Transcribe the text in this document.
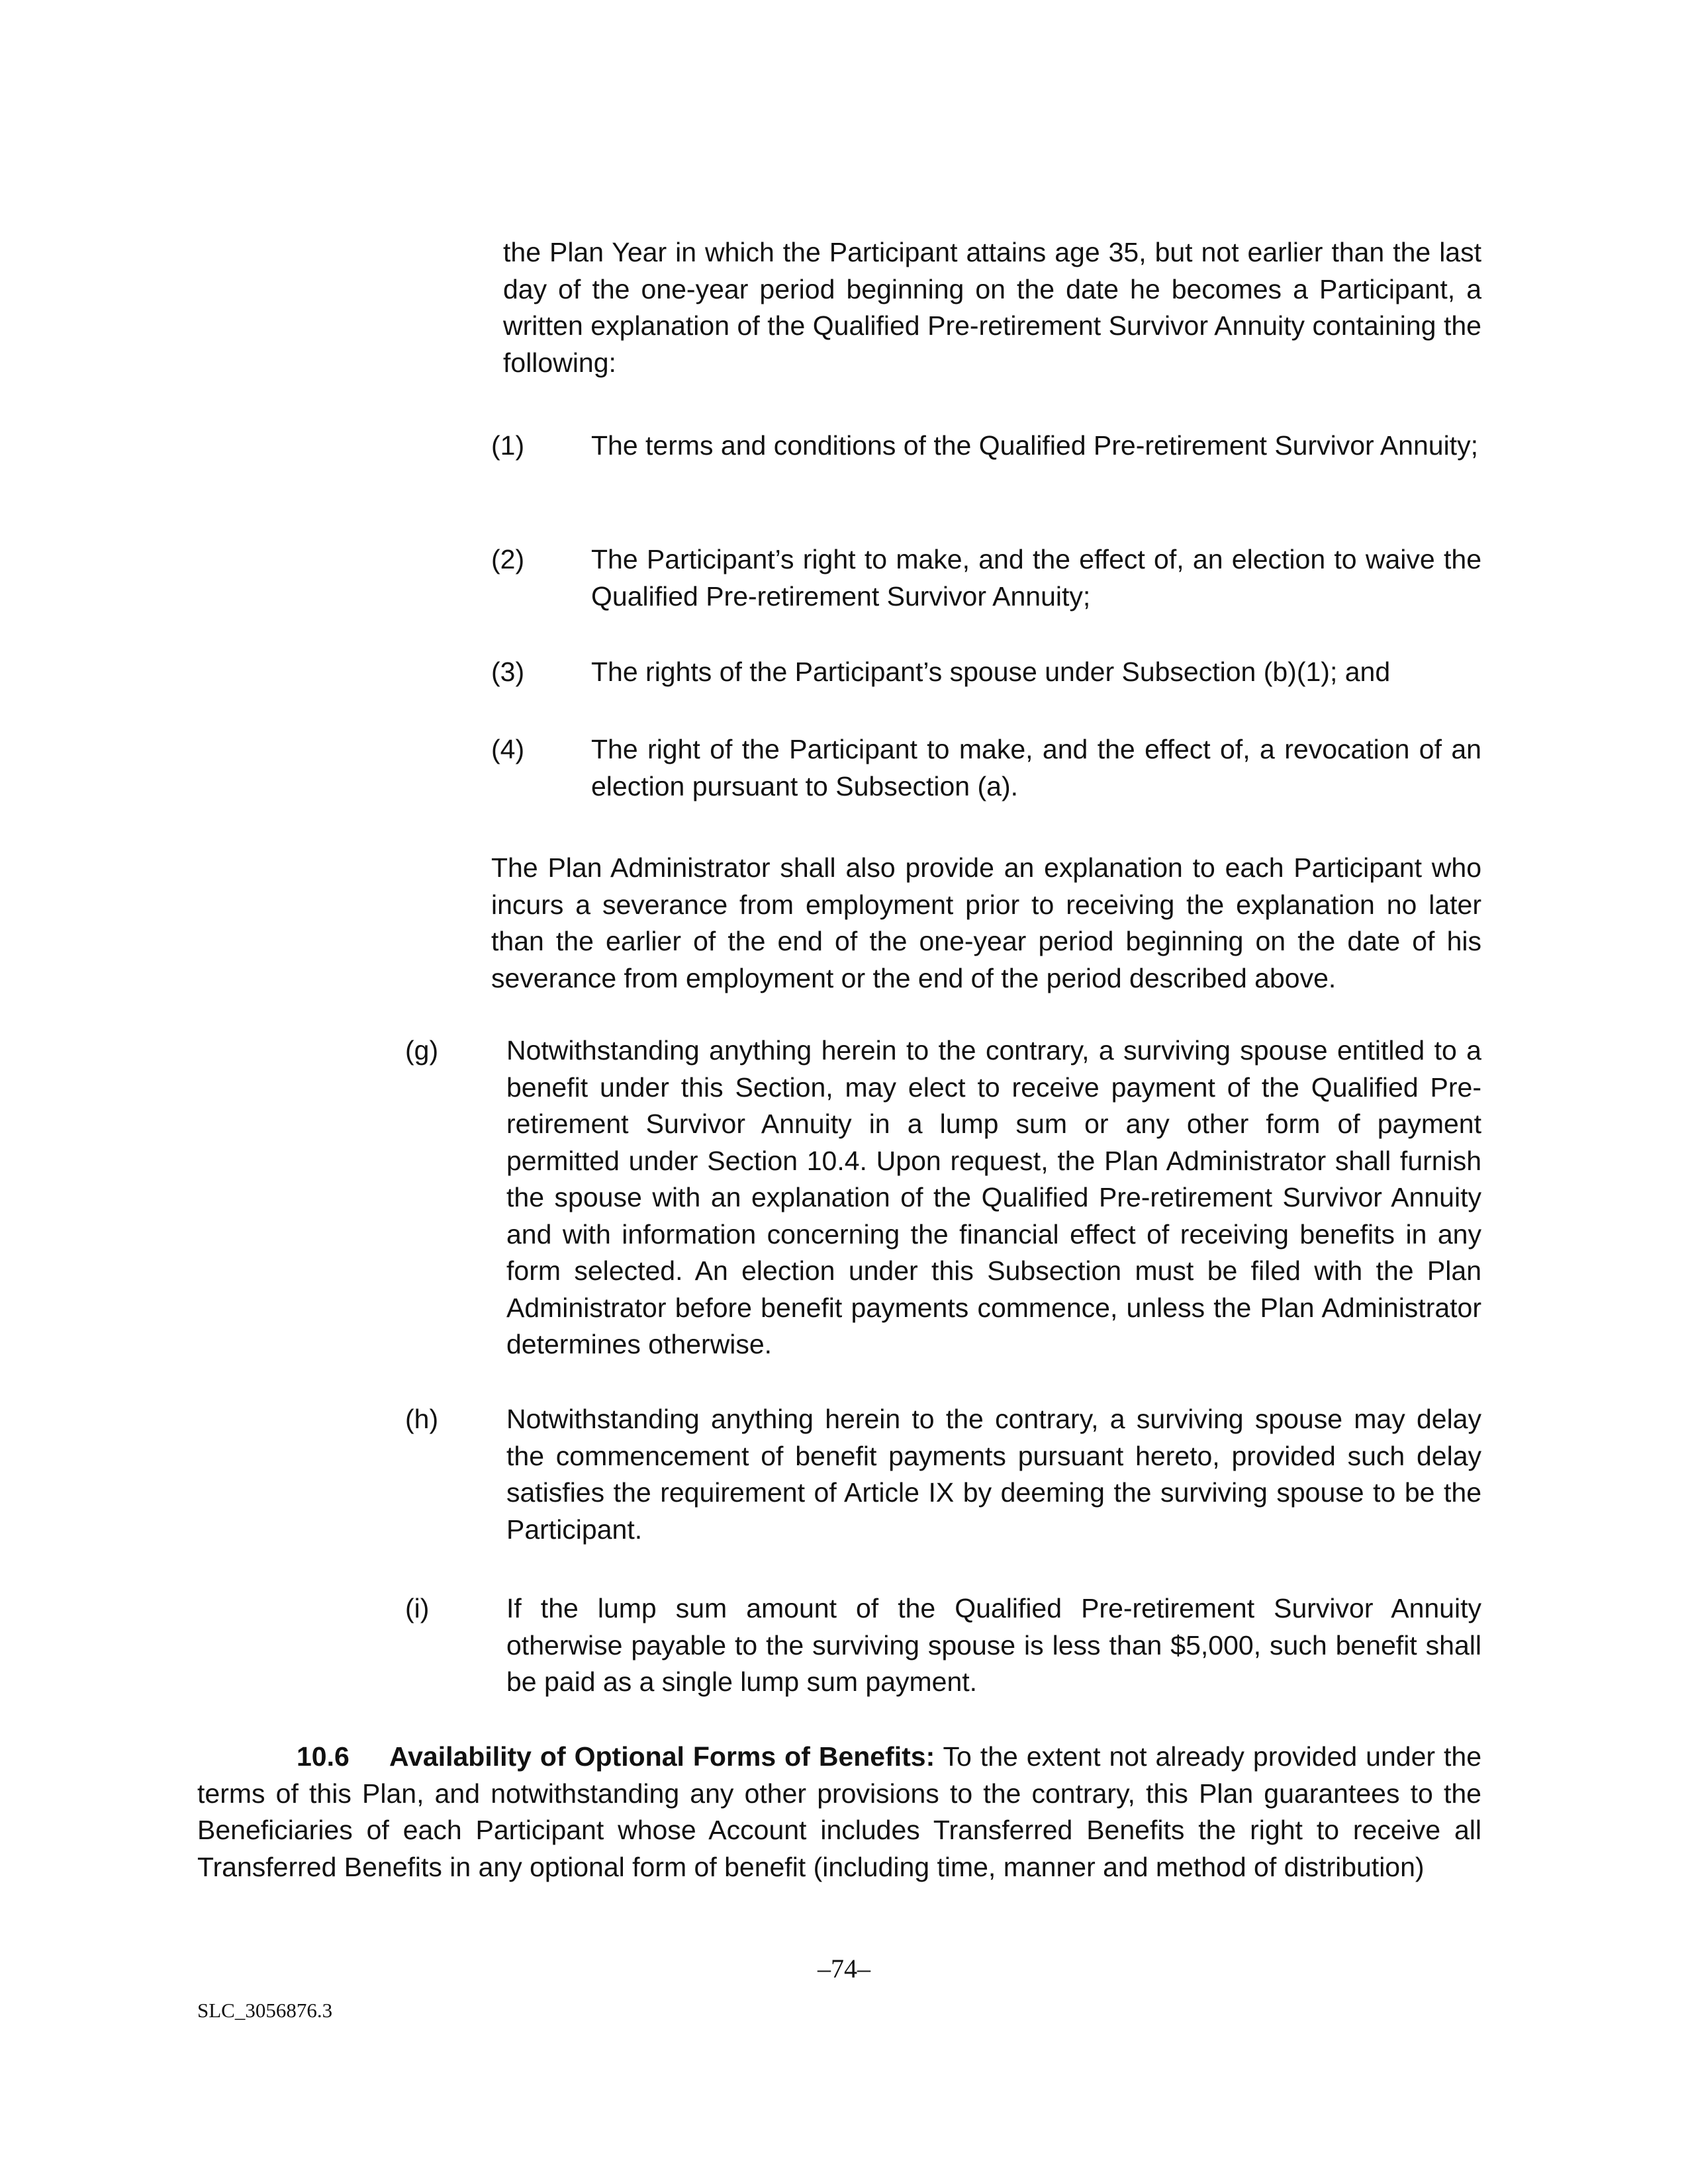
the Plan Year in which the Participant attains age 35, but not earlier than the last day of the one-year period beginning on the date he becomes a Participant, a written explanation of the Qualified Pre-retirement Survivor Annuity containing the following:
(1) The terms and conditions of the Qualified Pre-retirement Survivor Annuity;
(2) The Participant’s right to make, and the effect of, an election to waive the Qualified Pre-retirement Survivor Annuity;
(3) The rights of the Participant’s spouse under Subsection (b)(1); and
(4) The right of the Participant to make, and the effect of, a revocation of an election pursuant to Subsection (a).
The Plan Administrator shall also provide an explanation to each Participant who incurs a severance from employment prior to receiving the explanation no later than the earlier of the end of the one-year period beginning on the date of his severance from employment or the end of the period described above.
(g)	Notwithstanding anything herein to the contrary, a surviving spouse entitled to a benefit under this Section, may elect to receive payment of the Qualified Pre-retirement Survivor Annuity in a lump sum or any other form of payment permitted under Section 10.4. Upon request, the Plan Administrator shall furnish the spouse with an explanation of the Qualified Pre-retirement Survivor Annuity and with information concerning the financial effect of receiving benefits in any form selected. An election under this Subsection must be filed with the Plan Administrator before benefit payments commence, unless the Plan Administrator determines otherwise.
(h)	Notwithstanding anything herein to the contrary, a surviving spouse may delay the commencement of benefit payments pursuant hereto, provided such delay satisfies the requirement of Article IX by deeming the surviving spouse to be the Participant.
(i)	If the lump sum amount of the Qualified Pre-retirement Survivor Annuity otherwise payable to the surviving spouse is less than $5,000, such benefit shall be paid as a single lump sum payment.
10.6 Availability of Optional Forms of Benefits: To the extent not already provided under the terms of this Plan, and notwithstanding any other provisions to the contrary, this Plan guarantees to the Beneficiaries of each Participant whose Account includes Transferred Benefits the right to receive all Transferred Benefits in any optional form of benefit (including time, manner and method of distribution)
–74–
SLC_3056876.3
